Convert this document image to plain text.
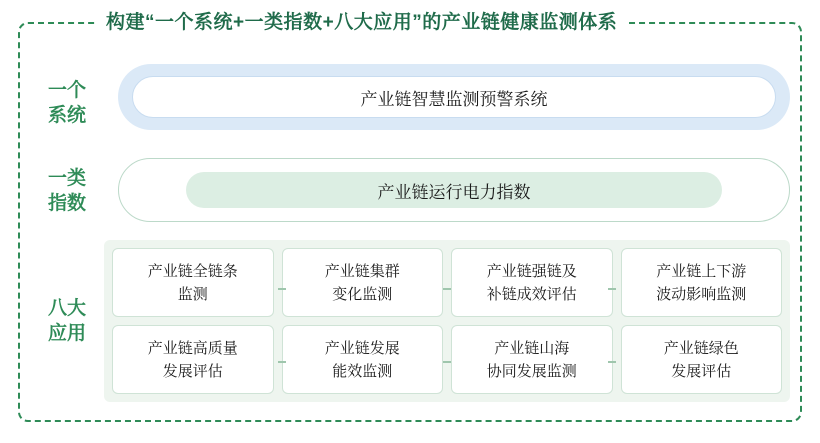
构建“一个系统+一类指数+八大应用”的产业链健康监测体系
一个
系统
一类
指数
八大
应用
产业链智慧监测预警系统
产业链运行电力指数
产业链全链条
监测
产业链集群
变化监测
产业链强链及
补链成效评估
产业链上下游
波动影响监测
产业链高质量
发展评估
产业链发展
能效监测
产业链山海
协同发展监测
产业链绿色
发展评估
